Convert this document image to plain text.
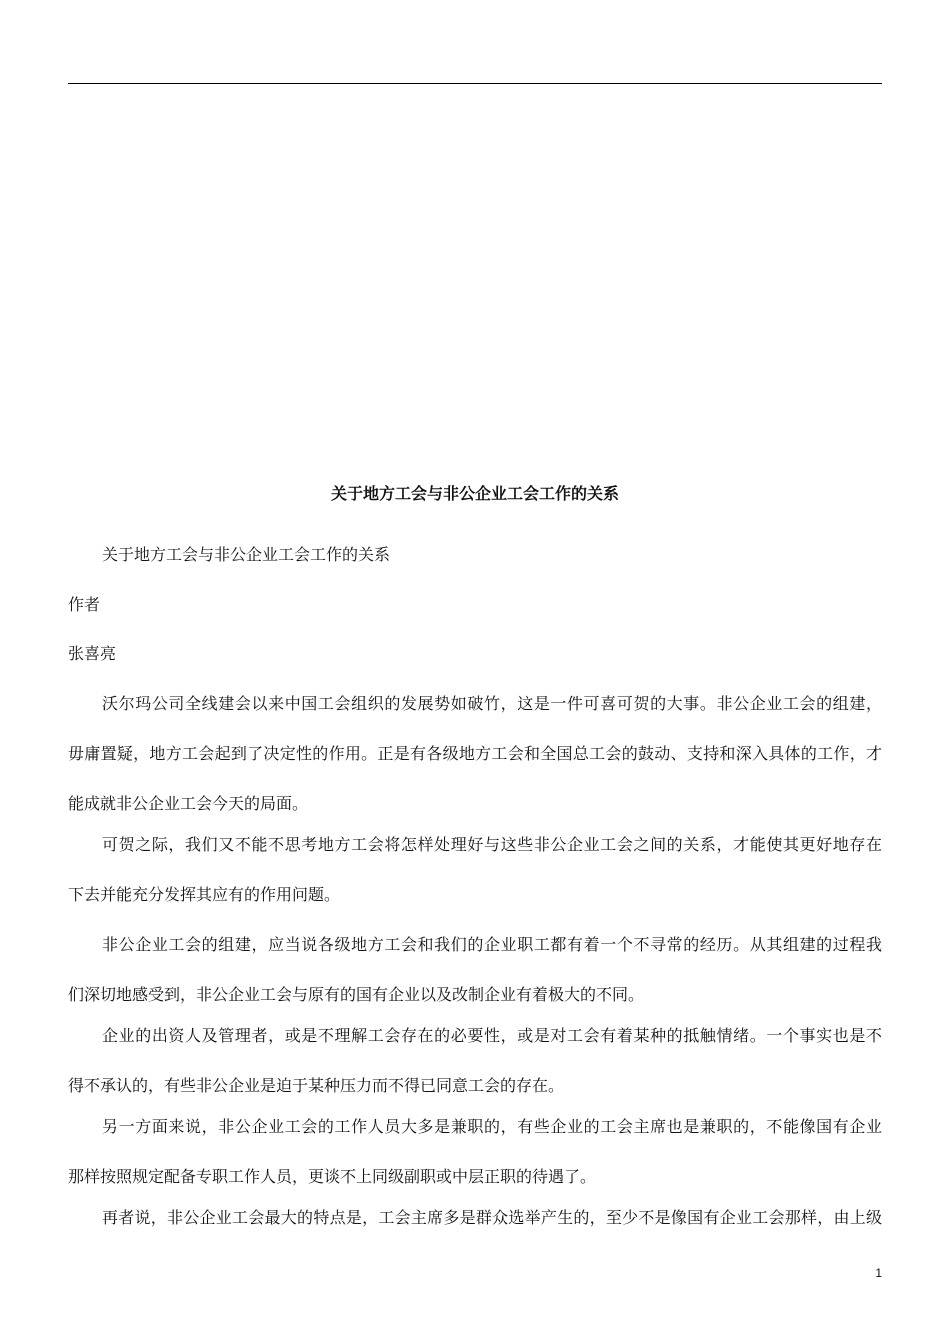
关于地方工会与非公企业工会工作的关系
关于地方工会与非公企业工会工作的关系
作者
张喜亮
沃尔玛公司全线建会以来中国工会组织的发展势如破竹，这是一件可喜可贺的大事。非公企业工会的组建，
毋庸置疑，地方工会起到了决定性的作用。正是有各级地方工会和全国总工会的鼓动、支持和深入具体的工作，才
能成就非公企业工会今天的局面。
可贺之际，我们又不能不思考地方工会将怎样处理好与这些非公企业工会之间的关系，才能使其更好地存在
下去并能充分发挥其应有的作用问题。
非公企业工会的组建，应当说各级地方工会和我们的企业职工都有着一个不寻常的经历。从其组建的过程我
们深切地感受到，非公企业工会与原有的国有企业以及改制企业有着极大的不同。
企业的出资人及管理者，或是不理解工会存在的必要性，或是对工会有着某种的抵触情绪。一个事实也是不
得不承认的，有些非公企业是迫于某种压力而不得已同意工会的存在。
另一方面来说，非公企业工会的工作人员大多是兼职的，有些企业的工会主席也是兼职的，不能像国有企业
那样按照规定配备专职工作人员，更谈不上同级副职或中层正职的待遇了。
再者说，非公企业工会最大的特点是，工会主席多是群众选举产生的，至少不是像国有企业工会那样，由上级
1
